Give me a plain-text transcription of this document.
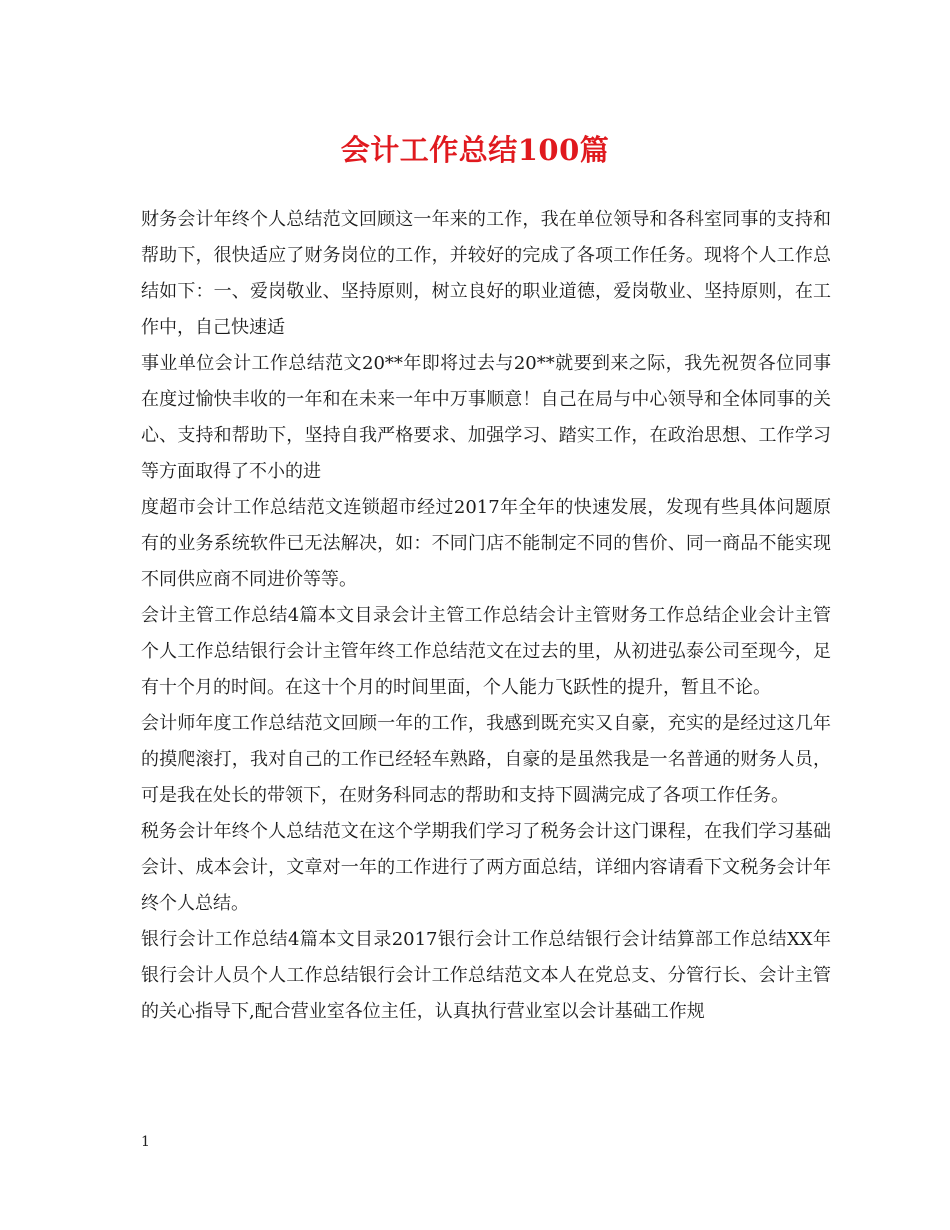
会计工作总结100篇

财务会计年终个人总结范文回顾这一年来的工作，我在单位领导和各科室同事的支持和帮助下，很快适应了财务岗位的工作，并较好的完成了各项工作任务。现将个人工作总结如下：一、爱岗敬业、坚持原则，树立良好的职业道德，爱岗敬业、坚持原则，在工作中，自己快速适

事业单位会计工作总结范文20**年即将过去与20**就要到来之际，我先祝贺各位同事在度过愉快丰收的一年和在未来一年中万事顺意！自己在局与中心领导和全体同事的关心、支持和帮助下，坚持自我严格要求、加强学习、踏实工作，在政治思想、工作学习等方面取得了不小的进

度超市会计工作总结范文连锁超市经过2017年全年的快速发展，发现有些具体问题原有的业务系统软件已无法解决，如：不同门店不能制定不同的售价、同一商品不能实现不同供应商不同进价等等。

会计主管工作总结4篇本文目录会计主管工作总结会计主管财务工作总结企业会计主管个人工作总结银行会计主管年终工作总结范文在过去的里，从初进弘泰公司至现今，足有十个月的时间。在这十个月的时间里面，个人能力飞跃性的提升，暂且不论。

会计师年度工作总结范文回顾一年的工作，我感到既充实又自豪，充实的是经过这几年的摸爬滚打，我对自己的工作已经轻车熟路，自豪的是虽然我是一名普通的财务人员，可是我在处长的带领下，在财务科同志的帮助和支持下圆满完成了各项工作任务。

税务会计年终个人总结范文在这个学期我们学习了税务会计这门课程，在我们学习基础会计、成本会计，文章对一年的工作进行了两方面总结，详细内容请看下文税务会计年终个人总结。

银行会计工作总结4篇本文目录2017银行会计工作总结银行会计结算部工作总结XX年银行会计人员个人工作总结银行会计工作总结范文本人在党总支、分管行长、会计主管的关心指导下,配合营业室各位主任，认真执行营业室以会计基础工作规

1
